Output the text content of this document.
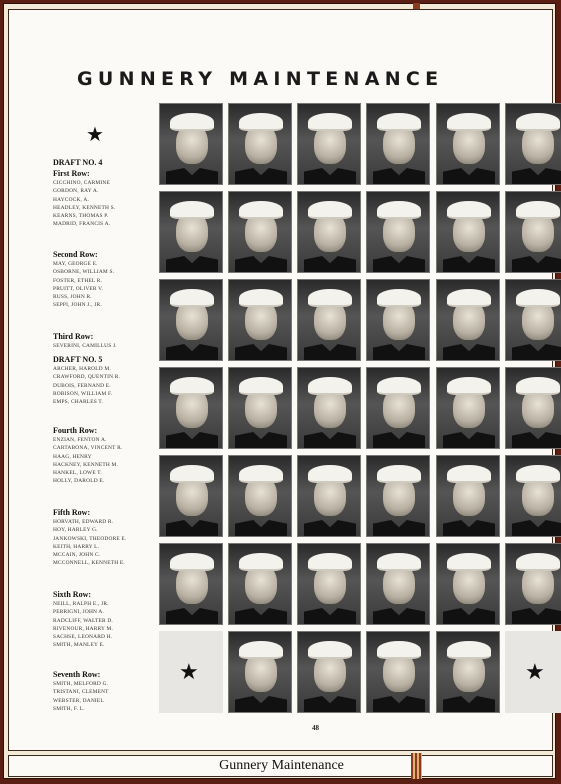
GUNNERY MAINTENANCE
★
DRAFT NO. 4
First Row:
CICCHINO, CARMINE
GORDON, RAY A.
HAYCOCK, A.
HEADLEY, KENNETH S.
KEARNS, THOMAS P.
MADRID, FRANCIS A.
Second Row:
MAY, GEORGE E.
OSBORNE, WILLIAM S.
FOSTER, ETHEL R.
PRUITT, OLIVER V.
RUSS, JOHN R.
SEPPI, JOHN J., JR.
Third Row:
SEVERINI, CAMILLUS J.
DRAFT NO. 5
ARCHER, HAROLD M.
CRAWFORD, QUENTIN R.
DUBOIS, FERNAND E.
ROBISON, WILLIAM F.
EMPS, CHARLES T.
Fourth Row:
ENZIAN, FENTON A.
CARTABONA, VINCENT R.
HAAG, HENRY
HACKNEY, KENNETH M.
HANKEL, LOWE T.
HOLLY, DAROLD E.
Fifth Row:
HORVATH, EDWARD R.
HOY, HARLEY G.
JANKOWSKI, THEODORE E.
KEITH, HARRY L.
MCCAIN, JOHN C.
MCCONNELL, KENNETH E.
Sixth Row:
NEILL, RALPH E., JR.
PERRIGNI, JOHN A.
RADCLIFF, WALTER D.
RIVENOUR, HARRY M.
SACHSE, LEONARD H.
SMITH, MANLEY E.
Seventh Row:
SMITH, MELFORD G.
TRISTANI, CLEMENT
WEBSTER, DANIEL
SMITH, F. L.
★	★
48
Gunnery Maintenance
